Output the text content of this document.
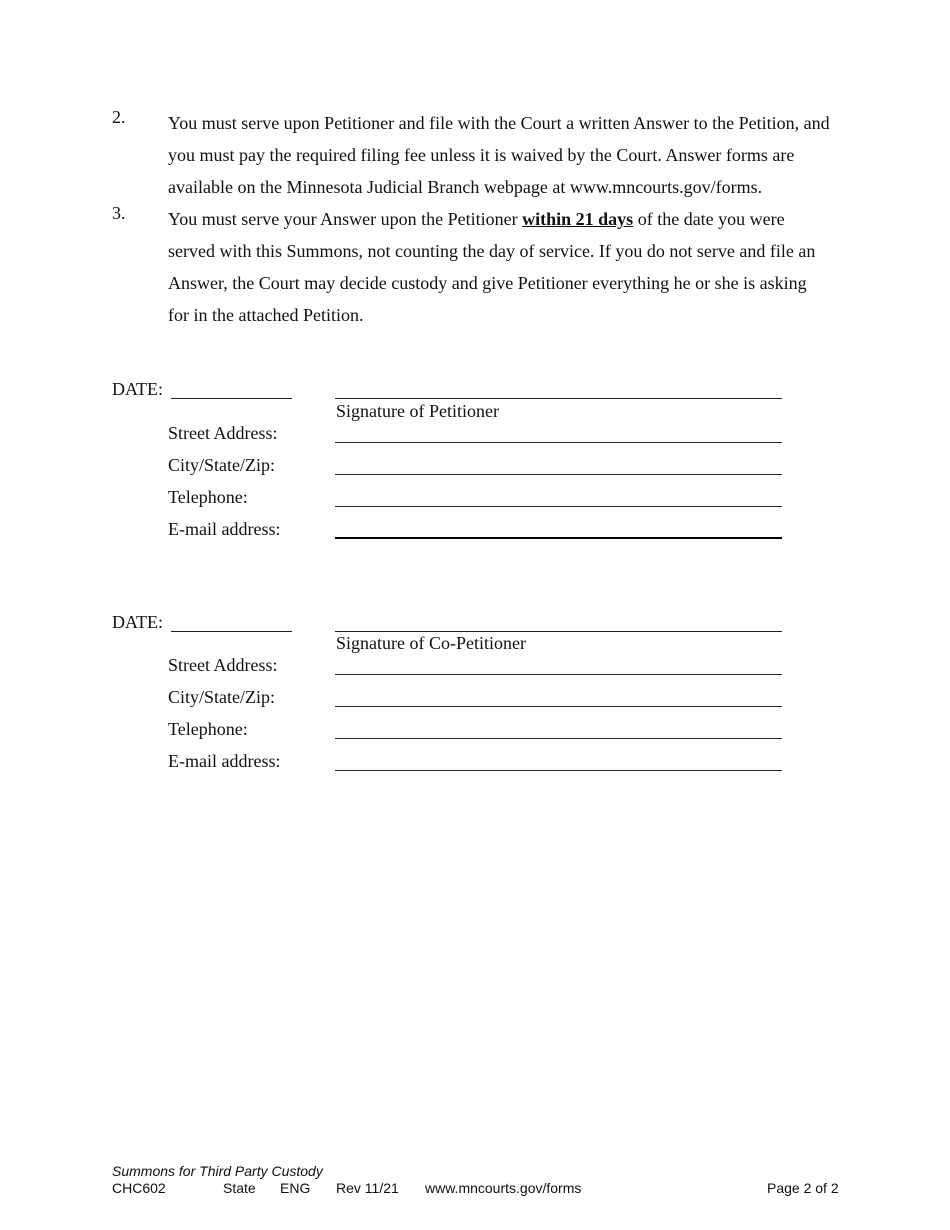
2. You must serve upon Petitioner and file with the Court a written Answer to the Petition, and you must pay the required filing fee unless it is waived by the Court. Answer forms are available on the Minnesota Judicial Branch webpage at www.mncourts.gov/forms.
3. You must serve your Answer upon the Petitioner within 21 days of the date you were served with this Summons, not counting the day of service. If you do not serve and file an Answer, the Court may decide custody and give Petitioner everything he or she is asking for in the attached Petition.
DATE:
Signature of Petitioner
Street Address:
City/State/Zip:
Telephone:
E-mail address:
DATE:
Signature of Co-Petitioner
Street Address:
City/State/Zip:
Telephone:
E-mail address:
Summons for Third Party Custody
CHC602	State ENG Rev 11/21 www.mncourts.gov/forms	Page 2 of 2
